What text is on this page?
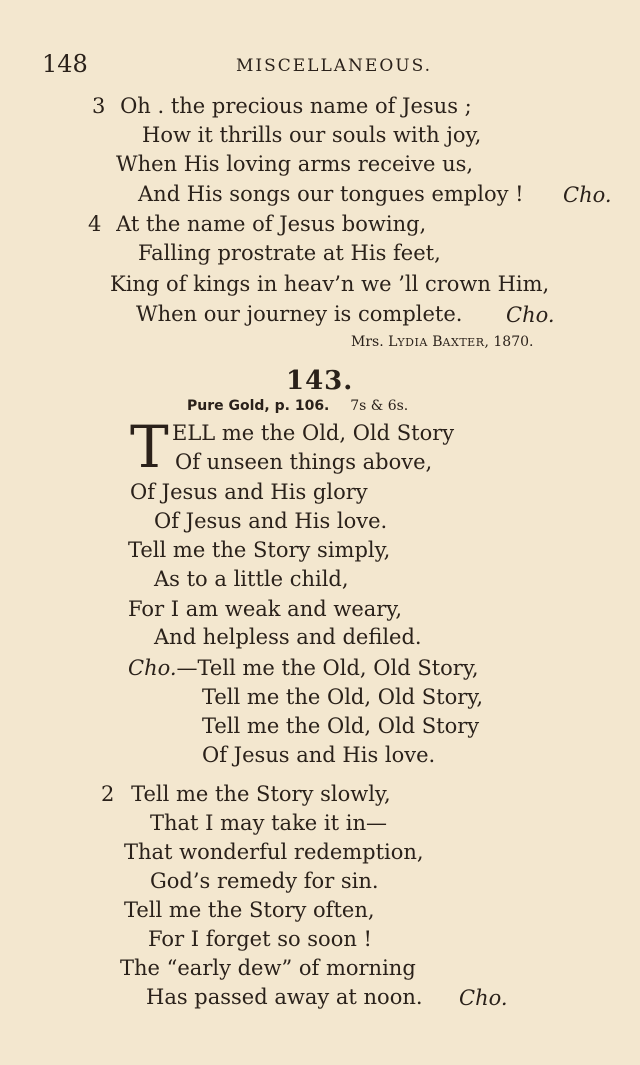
148	MISCELLANEOUS.
3 Oh . the precious name of Jesus ;
How it thrills our souls with joy,
When His loving arms receive us,
And His songs our tongues employ ! Cho.
4 At the name of Jesus bowing,
Falling prostrate at His feet,
King of kings in heav’n we ’ll crown Him,
When our journey is complete. Cho.
Mrs. LYDIA BAXTER, 1870.
143.
Pure Gold, p. 106. 7s & 6s.
T ELL me the Old, Old Story
Of unseen things above,
Of Jesus and His glory
Of Jesus and His love.
Tell me the Story simply,
As to a little child,
For I am weak and weary,
And helpless and defiled.
Cho.—Tell me the Old, Old Story,
Tell me the Old, Old Story,
Tell me the Old, Old Story
Of Jesus and His love.
2 Tell me the Story slowly,
That I may take it in—
That wonderful redemption,
God’s remedy for sin.
Tell me the Story often,
For I forget so soon !
The “early dew” of morning
Has passed away at noon. Cho.
